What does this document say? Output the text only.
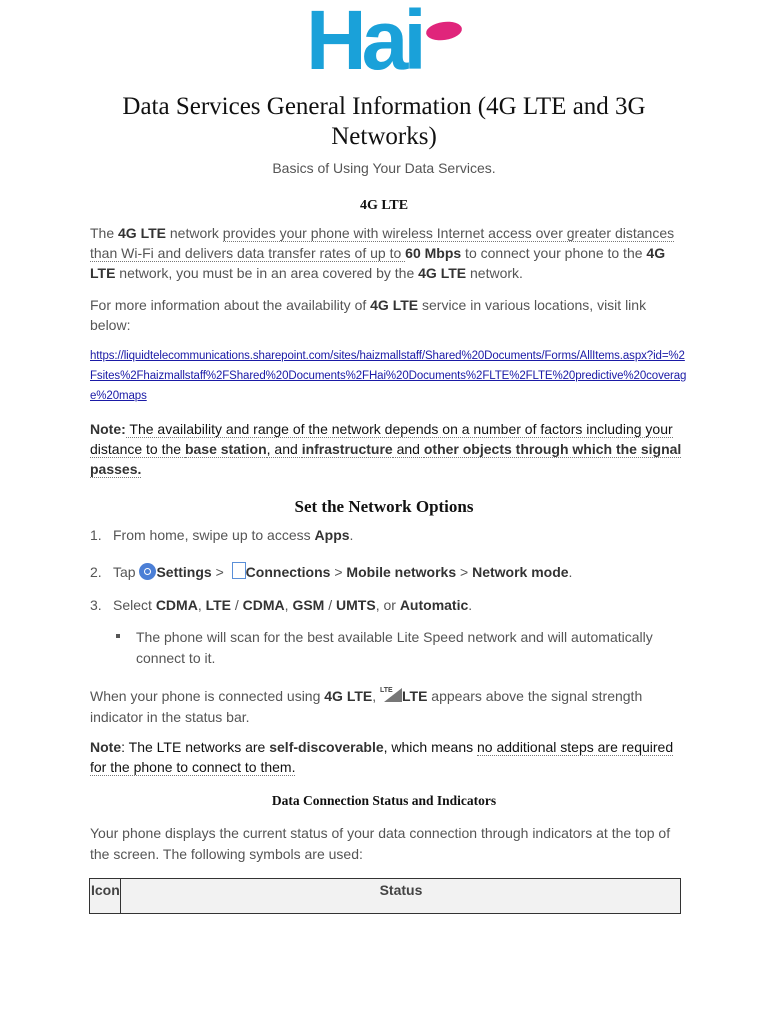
Hai
Data Services General Information (4G LTE and 3G Networks)
Basics of Using Your Data Services.
4G LTE
The 4G LTE network provides your phone with wireless Internet access over greater distances than Wi-Fi and delivers data transfer rates of up to 60 Mbps to connect your phone to the 4G LTE network, you must be in an area covered by the 4G LTE network.
For more information about the availability of 4G LTE service in various locations, visit link below:
https://liquidtelecommunications.sharepoint.com/sites/haizmallstaff/Shared%20Documents/Forms/AllItems.aspx?id=%2Fsites%2Fhaizmallstaff%2FShared%20Documents%2FHai%20Documents%2FLTE%2FLTE%20predictive%20coverage%20maps
Note: The availability and range of the network depends on a number of factors including your distance to the base station, and infrastructure and other objects through which the signal passes.
Set the Network Options
1. From home, swipe up to access Apps.
2. Tap Settings > Connections > Mobile networks > Network mode.
3. Select CDMA, LTE / CDMA, GSM / UMTS, or Automatic.
The phone will scan for the best available Lite Speed network and will automatically connect to it.
When your phone is connected using 4G LTE, LTE LTE appears above the signal strength indicator in the status bar.
Note: The LTE networks are self-discoverable, which means no additional steps are required for the phone to connect to them.
Data Connection Status and Indicators
Your phone displays the current status of your data connection through indicators at the top of the screen. The following symbols are used:
Icon	Status
